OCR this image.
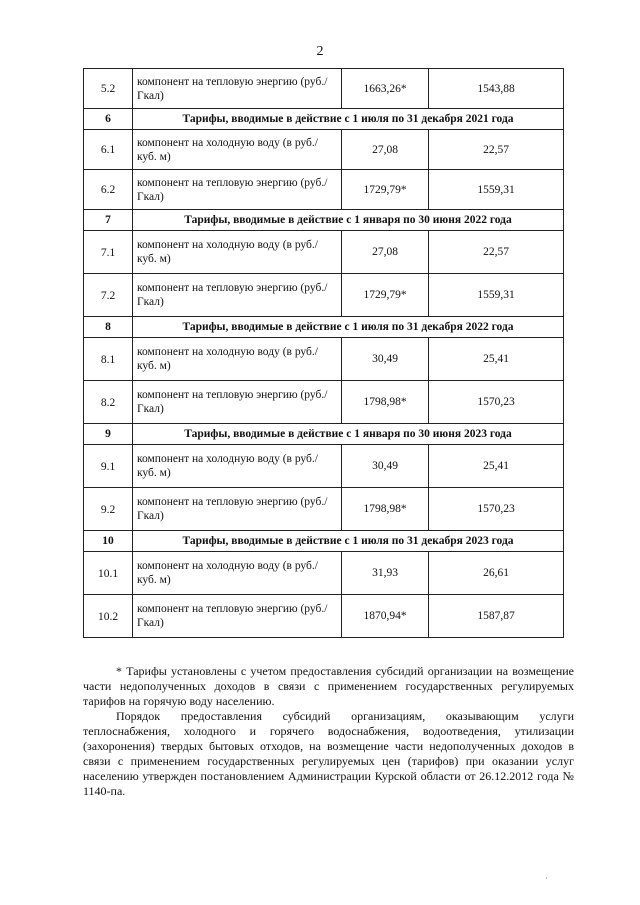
2
5.2	компонент на тепловую энергию (руб./Гкал)	1663,26*	1543,88
6	Тарифы, вводимые в действие с 1 июля по 31 декабря 2021 года		
6.1	компонент на холодную воду (в руб./куб. м)	27,08	22,57
6.2	компонент на тепловую энергию (руб./Гкал)	1729,79*	1559,31
7	Тарифы, вводимые в действие с 1 января по 30 июня 2022 года		
7.1	компонент на холодную воду (в руб./куб. м)	27,08	22,57
7.2	компонент на тепловую энергию (руб./Гкал)	1729,79*	1559,31
8	Тарифы, вводимые в действие с 1 июля по 31 декабря 2022 года		
8.1	компонент на холодную воду (в руб./куб. м)	30,49	25,41
8.2	компонент на тепловую энергию (руб./Гкал)	1798,98*	1570,23
9	Тарифы, вводимые в действие с 1 января по 30 июня 2023 года		
9.1	компонент на холодную воду (в руб./куб. м)	30,49	25,41
9.2	компонент на тепловую энергию (руб./Гкал)	1798,98*	1570,23
10	Тарифы, вводимые в действие с 1 июля по 31 декабря 2023 года		
10.1	компонент на холодную воду (в руб./куб. м)	31,93	26,61
10.2	компонент на тепловую энергию (руб./Гкал)	1870,94*	1587,87

* Тарифы установлены с учетом предоставления субсидий организации на возмещение части недополученных доходов в связи с применением государственных регулируемых тарифов на горячую воду населению.

Порядок предоставления субсидий организациям, оказывающим услуги теплоснабжения, холодного и горячего водоснабжения, водоотведения, утилизации (захоронения) твердых бытовых отходов, на возмещение части недополученных доходов в связи с применением государственных регулируемых цен (тарифов) при оказании услуг населению утвержден постановлением Администрации Курской области от 26.12.2012 года № 1140-па.

·
